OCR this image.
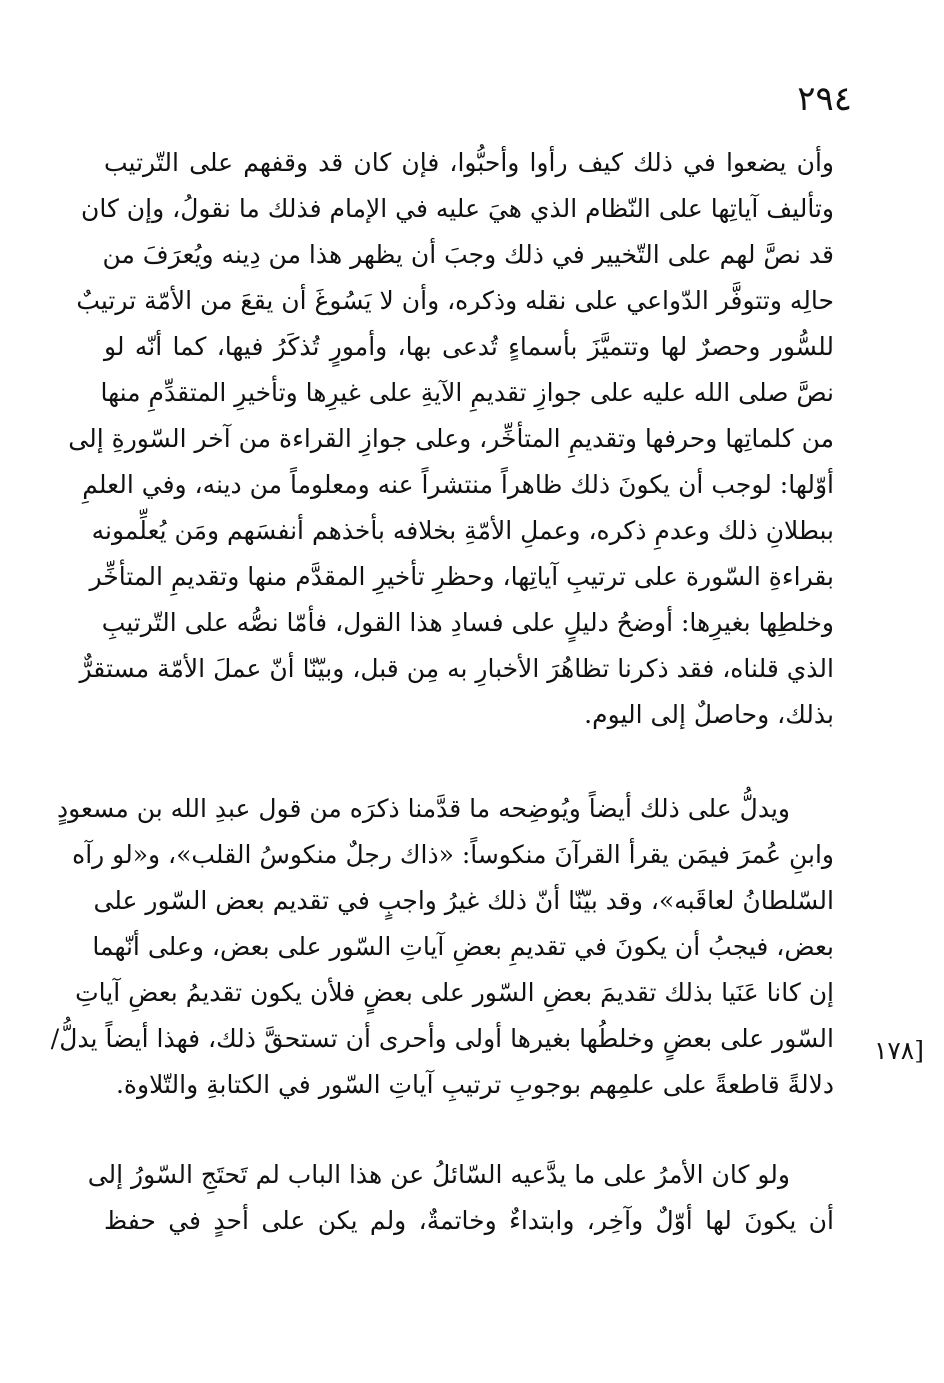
٢٩٤
وأن يضعوا في ذلك كيف رأوا وأحبُّوا، فإن كان قد وقفهم على التّرتيب
وتأليف آياتِها على النّظام الذي هيَ عليه في الإمام فذلك ما نقولُ، وإن كان
قد نصَّ لهم على التّخيير في ذلك وجبَ أن يظهر هذا من دِينه ويُعرَفَ من
حالِه وتتوفَّر الدّواعي على نقله وذكره، وأن لا يَسُوغَ أن يقعَ من الأمّة ترتيبٌ
للسُّور وحصرٌ لها وتتميَّزَ بأسماءٍ تُدعى بها، وأمورٍ تُذكَرُ فيها، كما أنّه لو
نصَّ صلى الله عليه على جوازِ تقديمِ الآيةِ على غيرِها وتأخيرِ المتقدِّمِ منها
من كلماتِها وحرفها وتقديمِ المتأخِّر، وعلى جوازِ القراءة من آخر السّورةِ إلى
أوّلها: لوجب أن يكونَ ذلك ظاهراً منتشراً عنه ومعلوماً من دينه، وفي العلمِ
ببطلانِ ذلك وعدمِ ذكره، وعملِ الأمّةِ بخلافه بأخذهم أنفسَهم ومَن يُعلِّمونه
بقراءةِ السّورة على ترتيبِ آياتِها، وحظرِ تأخيرِ المقدَّم منها وتقديمِ المتأخِّر
وخلطِها بغيرِها: أوضحُ دليلٍ على فسادِ هذا القول، فأمّا نصُّه على التّرتيبِ
الذي قلناه، فقد ذكرنا تظاهُرَ الأخبارِ به مِن قبل، وبيّنّا أنّ عملَ الأمّة مستقرٌّ
بذلك، وحاصلٌ إلى اليوم.
ويدلُّ على ذلك أيضاً ويُوضِحه ما قدَّمنا ذكرَه من قول عبدِ الله بن مسعودٍ
وابنِ عُمرَ فيمَن يقرأ القرآنَ منكوساً: «ذاك رجلٌ منكوسُ القلب»، و«لو رآه
السّلطانُ لعاقَبه»، وقد بيّنّا أنّ ذلك غيرُ واجبٍ في تقديم بعض السّور على
بعض، فيجبُ أن يكونَ في تقديمِ بعضِ آياتِ السّور على بعض، وعلى أنّهما
إن كانا عَنَيا بذلك تقديمَ بعضِ السّور على بعضٍ فلأن يكون تقديمُ بعضِ آياتِ
السّور على بعضٍ وخلطُها بغيرها أولى وأحرى أن تستحقَّ ذلك، فهذا أيضاً يدلُّ/
دلالةً قاطعةً على علمِهم بوجوبِ ترتيبِ آياتِ السّور في الكتابةِ والتّلاوة.
[١٧٨
ولو كان الأمرُ على ما يدَّعيه السّائلُ عن هذا الباب لم تَحتَجِ السّورُ إلى
أن يكونَ لها أوّلٌ وآخِر، وابتداءٌ وخاتمةٌ، ولم يكن على أحدٍ في حفظ
